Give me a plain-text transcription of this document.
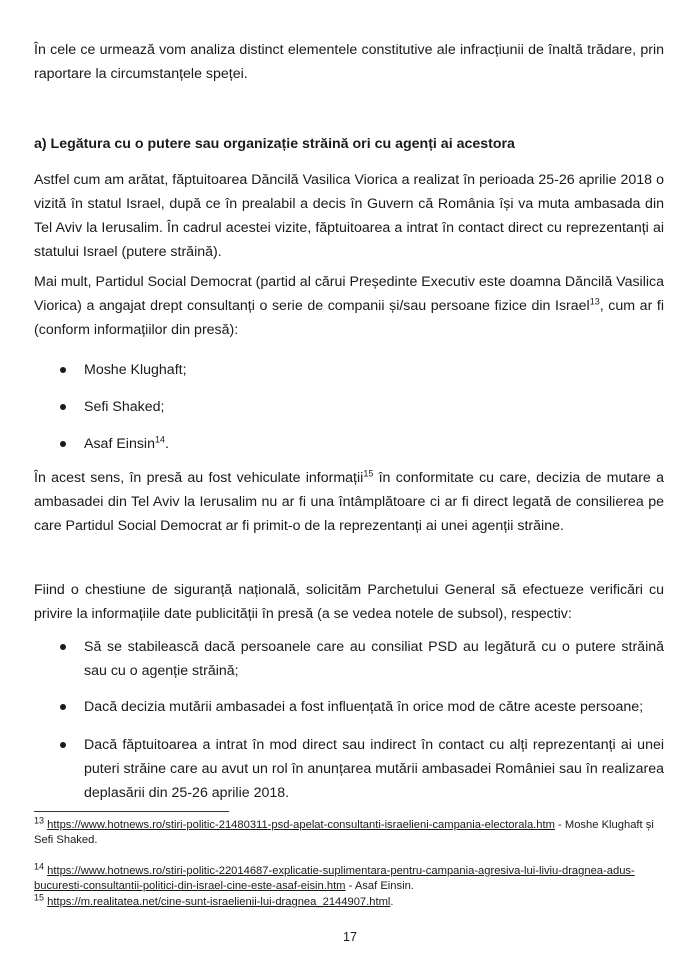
În cele ce urmează vom analiza distinct elementele constitutive ale infracțiunii de înaltă trădare, prin raportare la circumstanțele speței.

a) Legătura cu o putere sau organizație străină ori cu agenți ai acestora

Astfel cum am arătat, făptuitoarea Dăncilă Vasilica Viorica a realizat în perioada 25-26 aprilie 2018 o vizită în statul Israel, după ce în prealabil a decis în Guvern că România își va muta ambasada din Tel Aviv la Ierusalim. În cadrul acestei vizite, făptuitoarea a intrat în contact direct cu reprezentanți ai statului Israel (putere străină).

Mai mult, Partidul Social Democrat (partid al cărui Președinte Executiv este doamna Dăncilă Vasilica Viorica) a angajat drept consultanți o serie de companii și/sau persoane fizice din Israel$^{13}$, cum ar fi (conform informațiilor din presă):

Moshe Klughaft;
Sefi Shaked;
Asaf Einsin$^{14}$.

În acest sens, în presă au fost vehiculate informații$^{15}$ în conformitate cu care, decizia de mutare a ambasadei din Tel Aviv la Ierusalim nu ar fi una întâmplătoare ci ar fi direct legată de consilierea pe care Partidul Social Democrat ar fi primit-o de la reprezentanți ai unei agenții străine.

Fiind o chestiune de siguranță națională, solicităm Parchetului General să efectueze verificări cu privire la informațiile date publicității în presă (a se vedea notele de subsol), respectiv:

Să se stabilească dacă persoanele care au consiliat PSD au legătură cu o putere străină sau cu o agenție străină;
Dacă decizia mutării ambasadei a fost influențată în orice mod de către aceste persoane;
Dacă făptuitoarea a intrat în mod direct sau indirect în contact cu alți reprezentanți ai unei puteri străine care au avut un rol în anunțarea mutării ambasadei României sau în realizarea deplasării din 25-26 aprilie 2018.

$^{13}$ https://www.hotnews.ro/stiri-politic-21480311-psd-apelat-consultanti-israelieni-campania-electorala.htm - Moshe Klughaft și Sefi Shaked.

$^{14}$ https://www.hotnews.ro/stiri-politic-22014687-explicatie-suplimentara-pentru-campania-agresiva-lui-liviu-dragnea-adus-bucuresti-consultantii-politici-din-israel-cine-este-asaf-eisin.htm - Asaf Einsin.

$^{15}$ https://m.realitatea.net/cine-sunt-israelienii-lui-dragnea_2144907.html.

17
